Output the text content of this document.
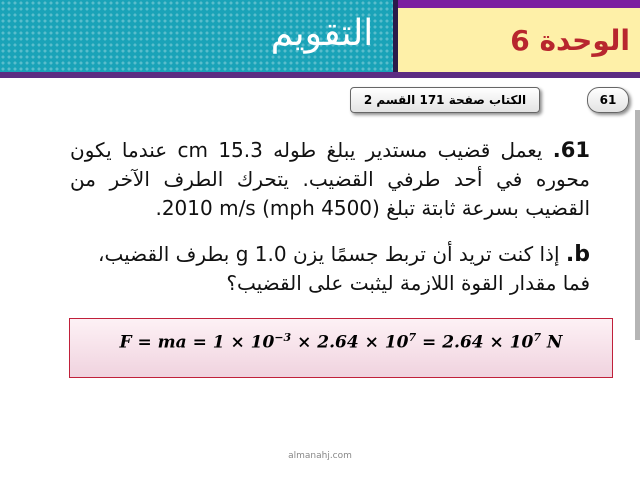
التقويم	الوحدة 6
الكتاب صفحة 171 القسم 2	61
61. يعمل قضيب مستدير يبلغ طوله 15.3 cm عندما يكون محوره في أحد طرفي القضيب. يتحرك الطرف الآخر من القضيب بسرعة ثابتة تبلغ (4500 mph) 2010 m/s.
b. إذا كنت تريد أن تربط جسمًا يزن 1.0 g بطرف القضيب، فما مقدار القوة اللازمة ليثبت على القضيب؟
F = ma = $1 \times 10^{-3} \times 2.64 \times 10^7 = 2.64 \times 10^7$ N
almanahj.com
